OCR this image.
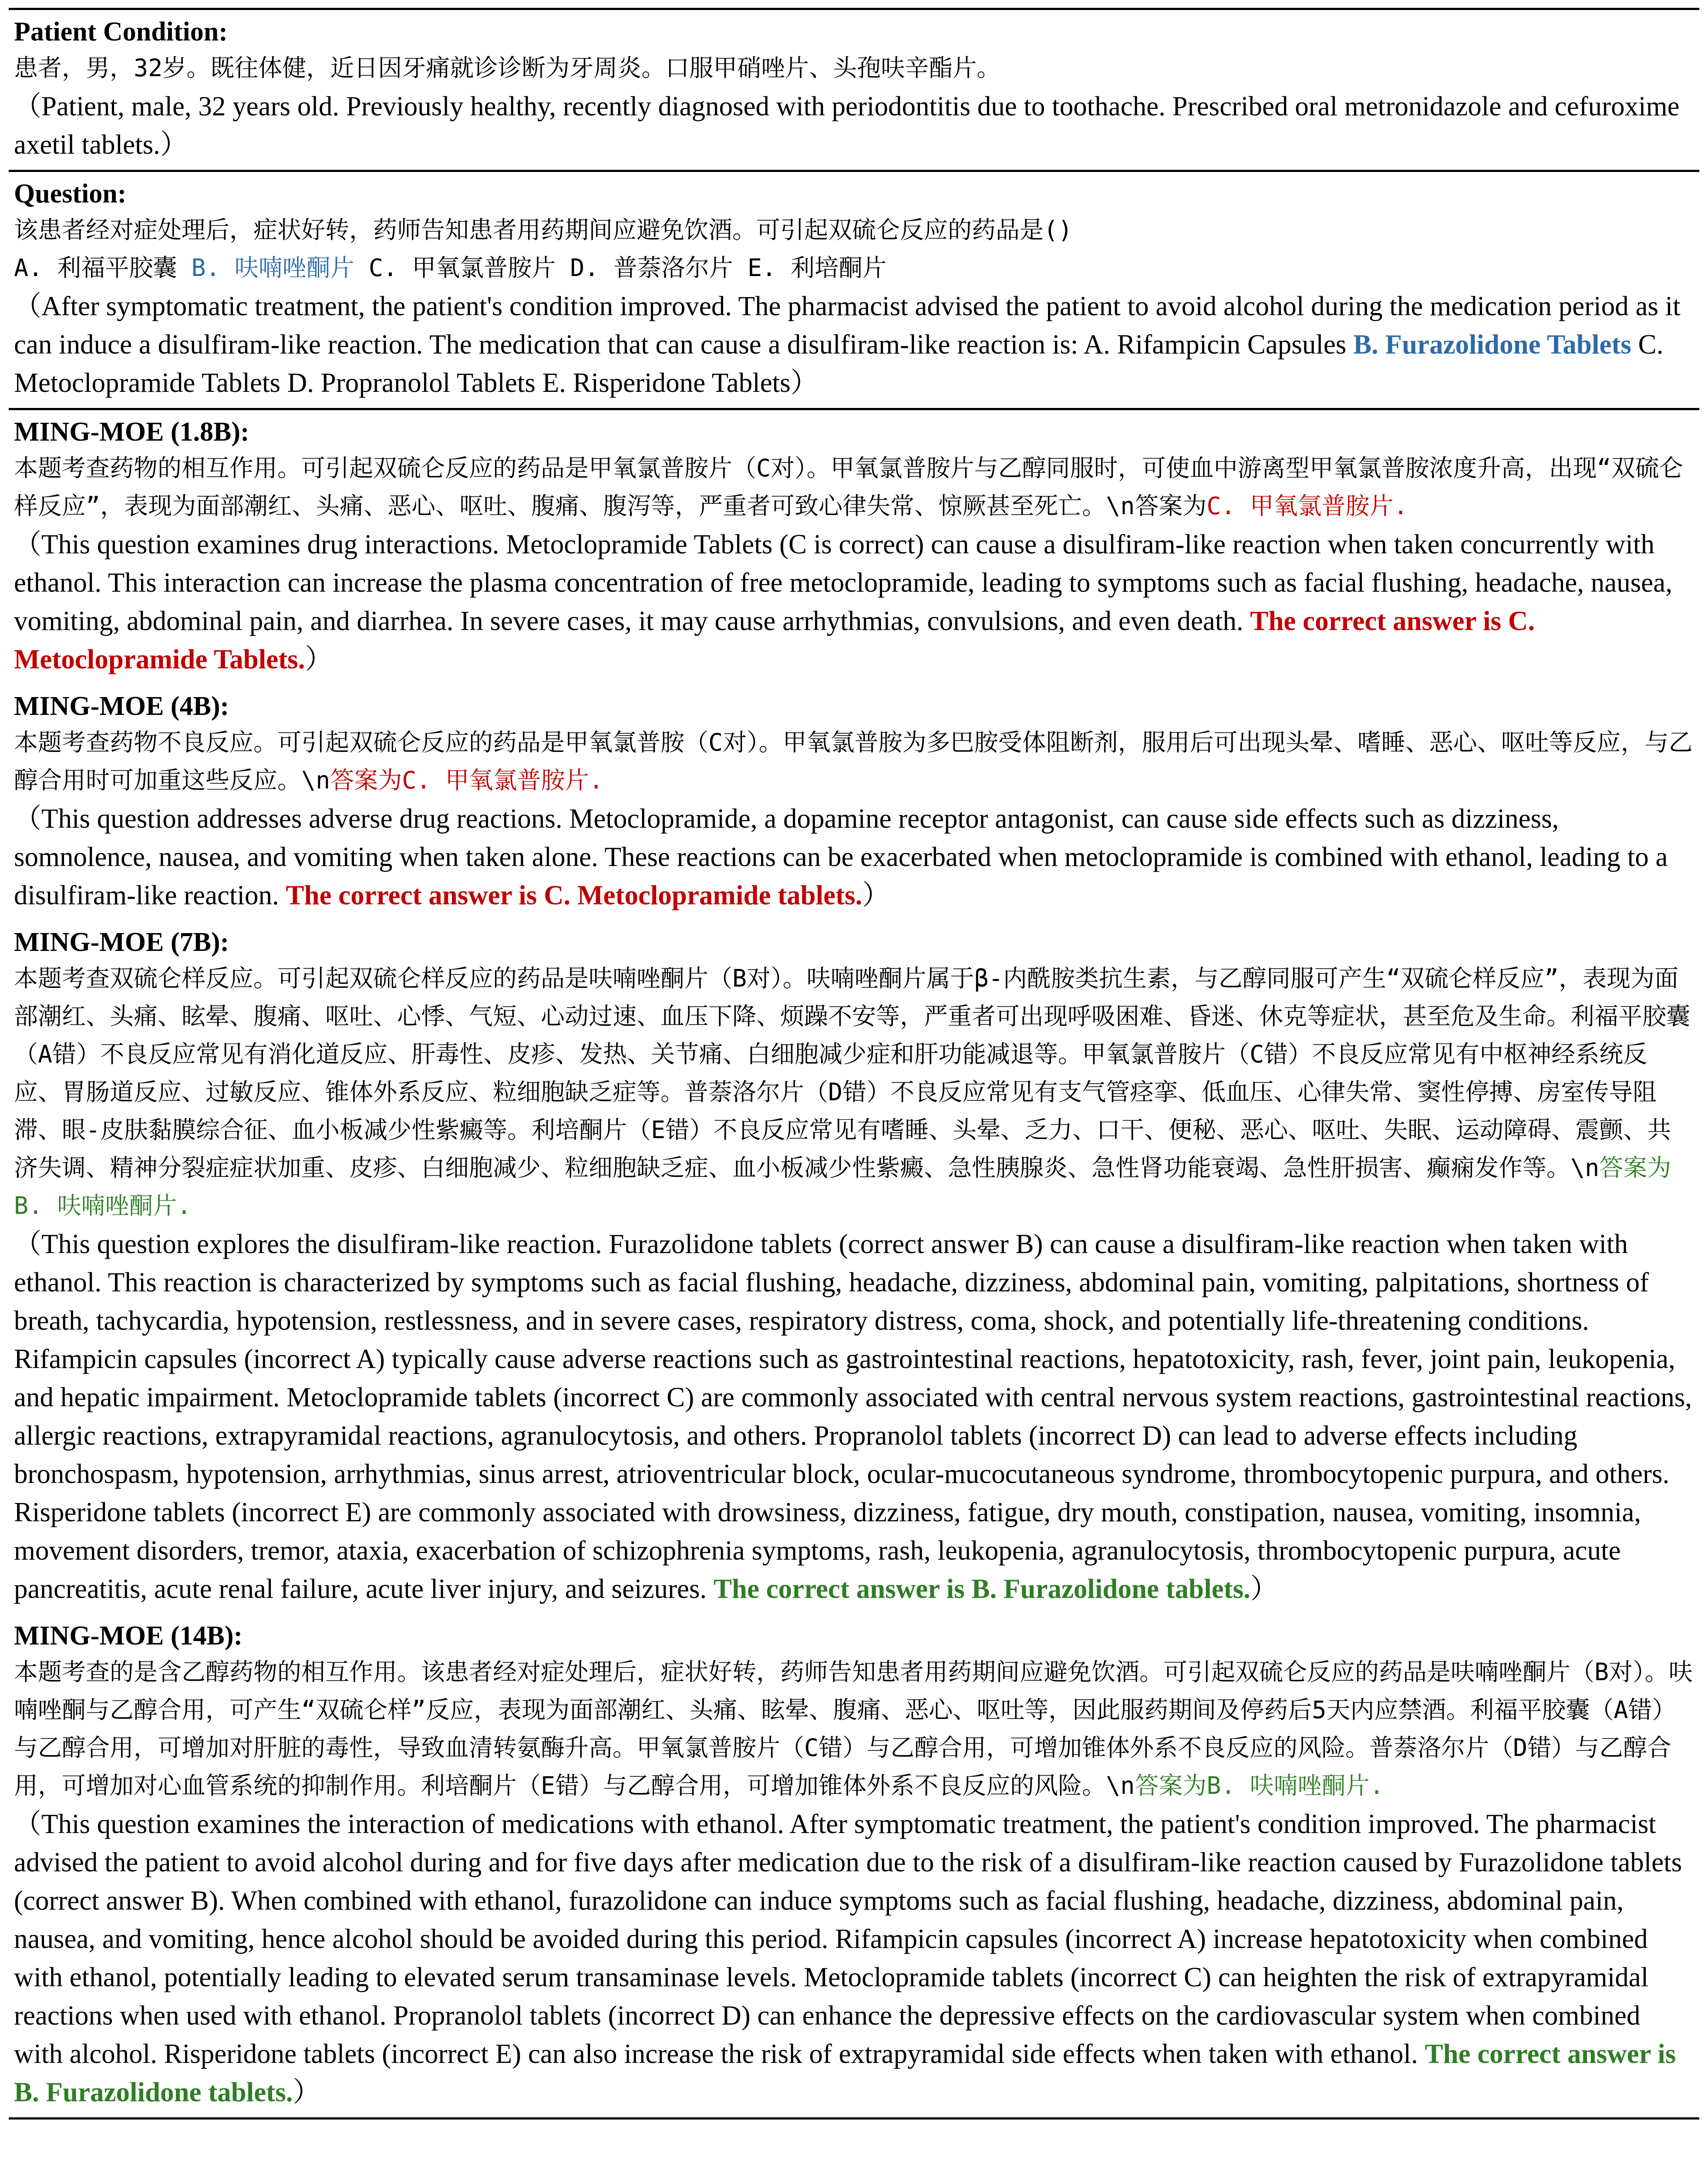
Patient Condition:
患者，男，32岁。既往体健，近日因牙痛就诊诊断为牙周炎。口服甲硝唑片、头孢呋辛酯片。
（Patient, male, 32 years old. Previously healthy, recently diagnosed with periodontitis due to toothache. Prescribed oral metronidazole and cefuroxime axetil tablets.）
Question:
该患者经对症处理后，症状好转，药师告知患者用药期间应避免饮酒。可引起双硫仑反应的药品是()
A. 利福平胶囊 B. 呋喃唑酮片 C. 甲氧氯普胺片 D. 普萘洛尔片 E. 利培酮片
（After symptomatic treatment, the patient's condition improved. The pharmacist advised the patient to avoid alcohol during the medication period as it can induce a disulfiram-like reaction. The medication that can cause a disulfiram-like reaction is: A. Rifampicin Capsules B. Furazolidone Tablets C. Metoclopramide Tablets D. Propranolol Tablets E. Risperidone Tablets）
MING-MOE (1.8B):
本题考查药物的相互作用。可引起双硫仑反应的药品是甲氧氯普胺片（C对）。甲氧氯普胺片与乙醇同服时，可使血中游离型甲氧氯普胺浓度升高，出现“双硫仑样反应”，表现为面部潮红、头痛、恶心、呕吐、腹痛、腹泻等，严重者可致心律失常、惊厥甚至死亡。\n答案为C. 甲氧氯普胺片.
（This question examines drug interactions. Metoclopramide Tablets (C is correct) can cause a disulfiram-like reaction when taken concurrently with ethanol. This interaction can increase the plasma concentration of free metoclopramide, leading to symptoms such as facial flushing, headache, nausea, vomiting, abdominal pain, and diarrhea. In severe cases, it may cause arrhythmias, convulsions, and even death. The correct answer is C. Metoclopramide Tablets.）
MING-MOE (4B):
本题考查药物不良反应。可引起双硫仑反应的药品是甲氧氯普胺（C对）。甲氧氯普胺为多巴胺受体阻断剂，服用后可出现头晕、嗜睡、恶心、呕吐等反应，与乙醇合用时可加重这些反应。\n答案为C. 甲氧氯普胺片.
（This question addresses adverse drug reactions. Metoclopramide, a dopamine receptor antagonist, can cause side effects such as dizziness, somnolence, nausea, and vomiting when taken alone. These reactions can be exacerbated when metoclopramide is combined with ethanol, leading to a disulfiram-like reaction. The correct answer is C. Metoclopramide tablets.）
MING-MOE (7B):
本题考查双硫仑样反应。可引起双硫仑样反应的药品是呋喃唑酮片（B对）。呋喃唑酮片属于β-内酰胺类抗生素，与乙醇同服可产生“双硫仑样反应”，表现为面部潮红、头痛、眩晕、腹痛、呕吐、心悸、气短、心动过速、血压下降、烦躁不安等，严重者可出现呼吸困难、昏迷、休克等症状，甚至危及生命。利福平胶囊（A错）不良反应常见有消化道反应、肝毒性、皮疹、发热、关节痛、白细胞减少症和肝功能减退等。甲氧氯普胺片（C错）不良反应常见有中枢神经系统反应、胃肠道反应、过敏反应、锥体外系反应、粒细胞缺乏症等。普萘洛尔片（D错）不良反应常见有支气管痉挛、低血压、心律失常、窦性停搏、房室传导阻滞、眼-皮肤黏膜综合征、血小板减少性紫癜等。利培酮片（E错）不良反应常见有嗜睡、头晕、乏力、口干、便秘、恶心、呕吐、失眠、运动障碍、震颤、共济失调、精神分裂症症状加重、皮疹、白细胞减少、粒细胞缺乏症、血小板减少性紫癜、急性胰腺炎、急性肾功能衰竭、急性肝损害、癫痫发作等。\n答案为B. 呋喃唑酮片.
（This question explores the disulfiram-like reaction. Furazolidone tablets (correct answer B) can cause a disulfiram-like reaction when taken with ethanol. This reaction is characterized by symptoms such as facial flushing, headache, dizziness, abdominal pain, vomiting, palpitations, shortness of breath, tachycardia, hypotension, restlessness, and in severe cases, respiratory distress, coma, shock, and potentially life-threatening conditions. Rifampicin capsules (incorrect A) typically cause adverse reactions such as gastrointestinal reactions, hepatotoxicity, rash, fever, joint pain, leukopenia, and hepatic impairment. Metoclopramide tablets (incorrect C) are commonly associated with central nervous system reactions, gastrointestinal reactions, allergic reactions, extrapyramidal reactions, agranulocytosis, and others. Propranolol tablets (incorrect D) can lead to adverse effects including bronchospasm, hypotension, arrhythmias, sinus arrest, atrioventricular block, ocular-mucocutaneous syndrome, thrombocytopenic purpura, and others. Risperidone tablets (incorrect E) are commonly associated with drowsiness, dizziness, fatigue, dry mouth, constipation, nausea, vomiting, insomnia, movement disorders, tremor, ataxia, exacerbation of schizophrenia symptoms, rash, leukopenia, agranulocytosis, thrombocytopenic purpura, acute pancreatitis, acute renal failure, acute liver injury, and seizures. The correct answer is B. Furazolidone tablets.）
MING-MOE (14B):
本题考查的是含乙醇药物的相互作用。该患者经对症处理后，症状好转，药师告知患者用药期间应避免饮酒。可引起双硫仑反应的药品是呋喃唑酮片（B对）。呋喃唑酮与乙醇合用，可产生“双硫仑样”反应，表现为面部潮红、头痛、眩晕、腹痛、恶心、呕吐等，因此服药期间及停药后5天内应禁酒。利福平胶囊（A错）与乙醇合用，可增加对肝脏的毒性，导致血清转氨酶升高。甲氧氯普胺片（C错）与乙醇合用，可增加锥体外系不良反应的风险。普萘洛尔片（D错）与乙醇合用，可增加对心血管系统的抑制作用。利培酮片（E错）与乙醇合用，可增加锥体外系不良反应的风险。\n答案为B. 呋喃唑酮片.
（This question examines the interaction of medications with ethanol. After symptomatic treatment, the patient's condition improved. The pharmacist advised the patient to avoid alcohol during and for five days after medication due to the risk of a disulfiram-like reaction caused by Furazolidone tablets (correct answer B). When combined with ethanol, furazolidone can induce symptoms such as facial flushing, headache, dizziness, abdominal pain, nausea, and vomiting, hence alcohol should be avoided during this period. Rifampicin capsules (incorrect A) increase hepatotoxicity when combined with ethanol, potentially leading to elevated serum transaminase levels. Metoclopramide tablets (incorrect C) can heighten the risk of extrapyramidal reactions when used with ethanol. Propranolol tablets (incorrect D) can enhance the depressive effects on the cardiovascular system when combined with alcohol. Risperidone tablets (incorrect E) can also increase the risk of extrapyramidal side effects when taken with ethanol. The correct answer is B. Furazolidone tablets.）
